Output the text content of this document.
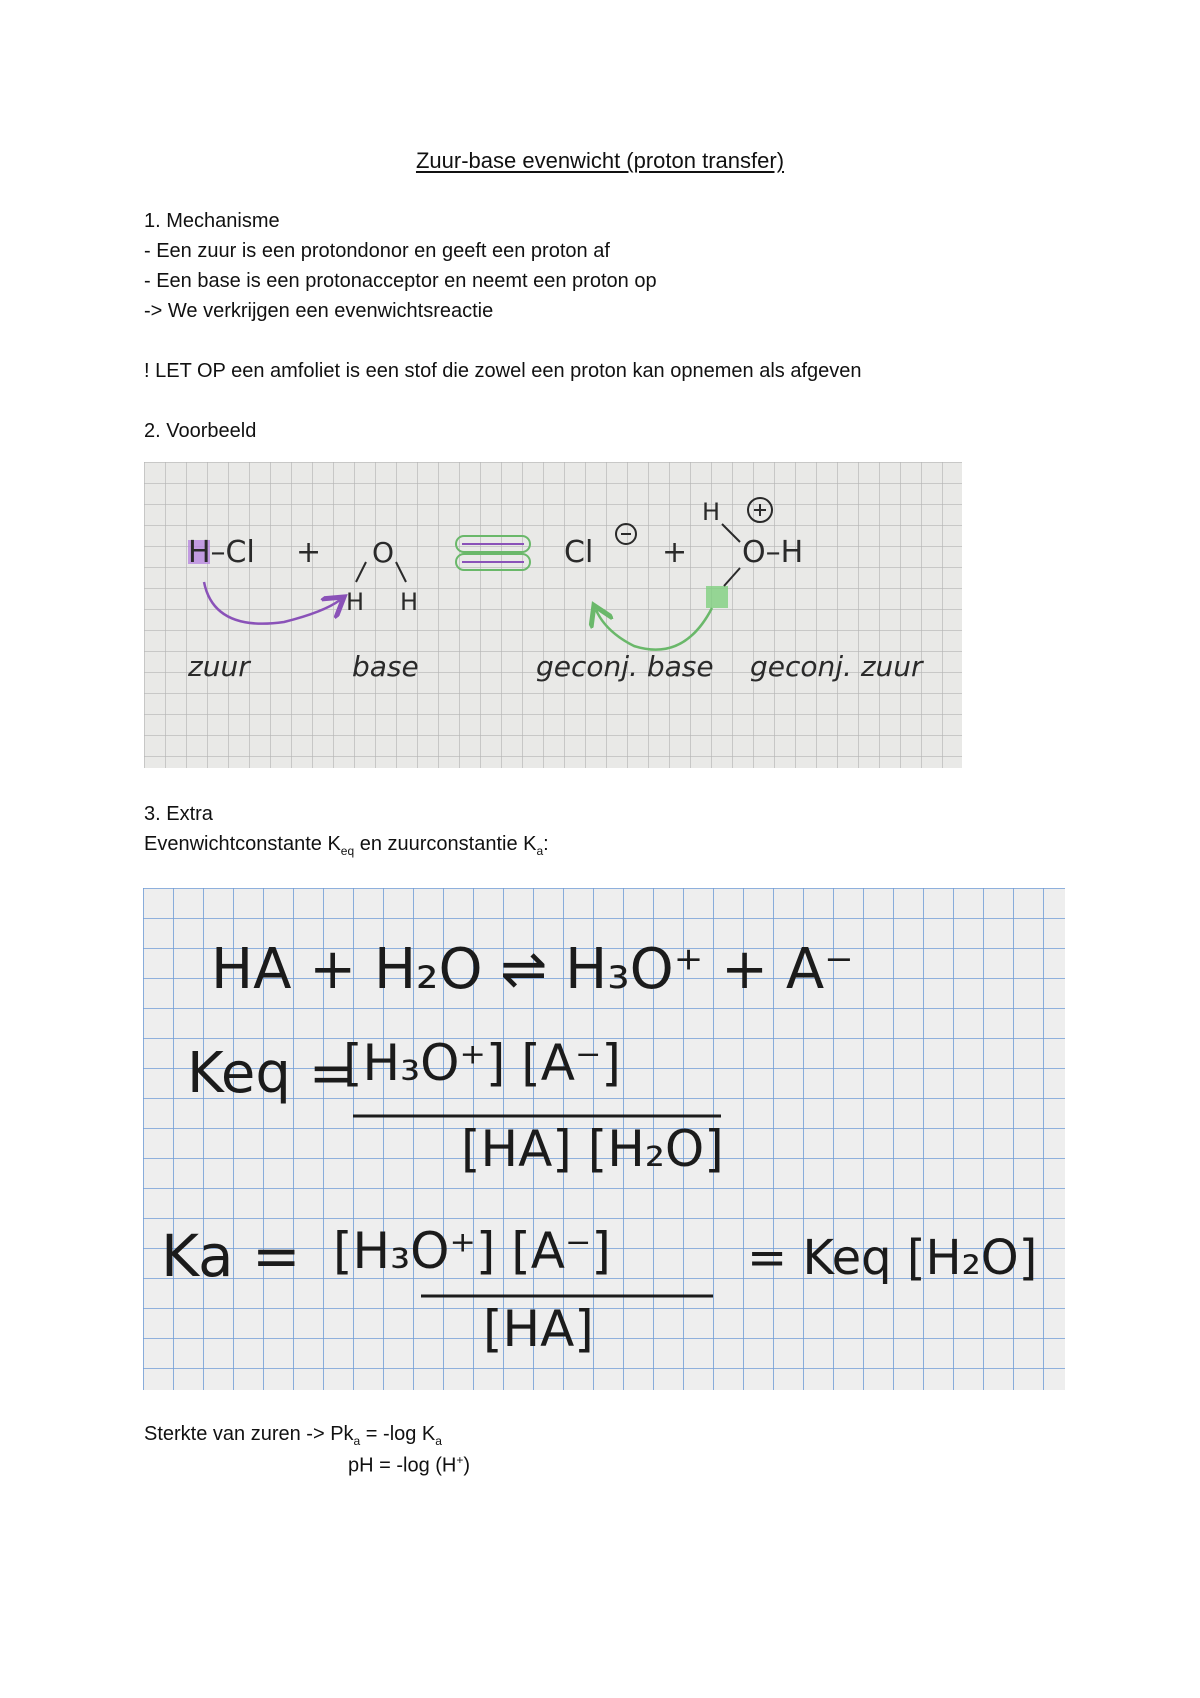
Zuur-base evenwicht (proton transfer)
1. Mechanisme
- Een zuur is een protondonor en geeft een proton af
- Een base is een protonacceptor en neemt een proton op
-> We verkrijgen een evenwichtsreactie
! LET OP een amfoliet is een stof die zowel een proton kan opnemen als afgeven
2. Voorbeeld
H–Cl + O
H H
Cl +
H
O–H
zuur	base	geconj. base geconj. zuur
3. Extra
Evenwichtconstante $K_{eq}$ en zuurconstantie $K_a$:
HA + H₂O ⇌ H₃O⁺ + A⁻
Keq =
[H₃O⁺] [A⁻]
[HA] [H₂O]
Ka = [H₃O⁺] [A⁻]
[HA]
= Keq [H₂O]
Sterkte van zuren -> $Pk_a = -\log$ $K_a$
pH = -log (H+)
